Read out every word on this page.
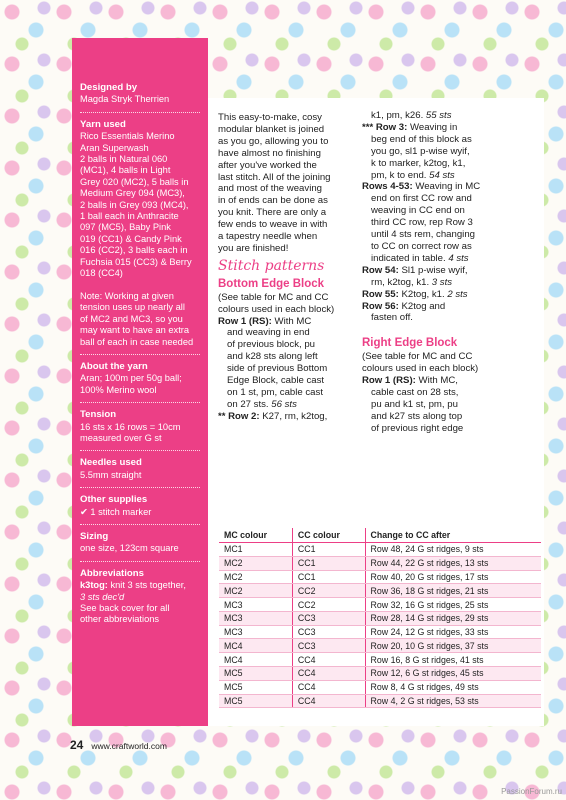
Designed by
Magda Stryk Therrien
Yarn used
Rico Essentials Merino
Aran Superwash
2 balls in Natural 060
(MC1), 4 balls in Light
Grey 020 (MC2), 5 balls in
Medium Grey 094 (MC3),
2 balls in Grey 093 (MC4),
1 ball each in Anthracite
097 (MC5), Baby Pink
019 (CC1) & Candy Pink
016 (CC2), 3 balls each in
Fuchsia 015 (CC3) & Berry
018 (CC4)

Note: Working at given
tension uses up nearly all
of MC2 and MC3, so you
may want to have an extra
ball of each in case needed
About the yarn
Aran; 100m per 50g ball;
100% Merino wool
Tension
16 sts x 16 rows = 10cm
measured over G st
Needles used
5.5mm straight
Other supplies
✔ 1 stitch marker
Sizing
one size, 123cm square
Abbreviations
k3tog: knit 3 sts together,
3 sts dec'd
See back cover for all
other abbreviations
This easy-to-make, cosy
modular blanket is joined
as you go, allowing you to
have almost no finishing
after you've worked the
last stitch. All of the joining
and most of the weaving
in of ends can be done as
you knit. There are only a
few ends to weave in with
a tapestry needle when
you are finished!
Stitch patterns
Bottom Edge Block
(See table for MC and CC
colours used in each block)
Row 1 (RS): With MC
and weaving in end
of previous block, pu
and k28 sts along left
side of previous Bottom
Edge Block, cable cast
on 1 st, pm, cable cast
on 27 sts. 56 sts
** Row 2: K27, rm, k2tog,
k1, pm, k26. 55 sts
*** Row 3: Weaving in
beg end of this block as
you go, sl1 p-wise wyif,
k to marker, k2tog, k1,
pm, k to end. 54 sts
Rows 4-53: Weaving in MC
end on first CC row and
weaving in CC end on
third CC row, rep Row 3
until 4 sts rem, changing
to CC on correct row as
indicated in table. 4 sts
Row 54: Sl1 p-wise wyif,
rm, k2tog, k1. 3 sts
Row 55: K2tog, k1. 2 sts
Row 56: K2tog and
fasten off.
Right Edge Block
(See table for MC and CC
colours used in each block)
Row 1 (RS): With MC,
cable cast on 28 sts,
pu and k1 st, pm, pu
and k27 sts along top
of previous right edge
MC colour	CC colour	Change to CC after
MC1	CC1	Row 48, 24 G st ridges, 9 sts
MC2	CC1	Row 44, 22 G st ridges, 13 sts
MC2	CC1	Row 40, 20 G st ridges, 17 sts
MC2	CC2	Row 36, 18 G st ridges, 21 sts
MC3	CC2	Row 32, 16 G st ridges, 25 sts
MC3	CC3	Row 28, 14 G st ridges, 29 sts
MC3	CC3	Row 24, 12 G st ridges, 33 sts
MC4	CC3	Row 20, 10 G st ridges, 37 sts
MC4	CC4	Row 16, 8 G st ridges, 41 sts
MC5	CC4	Row 12, 6 G st ridges, 45 sts
MC5	CC4	Row 8, 4 G st ridges, 49 sts
MC5	CC4	Row 4, 2 G st ridges, 53 sts
24 www.craftworld.com
PassionForum.ru
